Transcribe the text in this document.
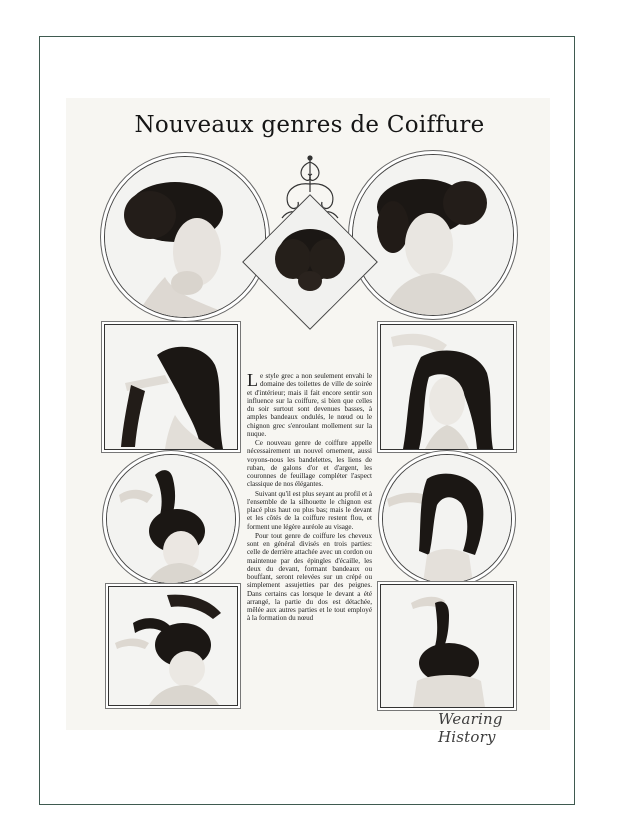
Nouveaux genres de Coiffure

Le style grec a non seulement envahi le domaine des toilettes de ville de soirée et d'intérieur; mais il fait encore sentir son influence sur la coiffure, si bien que celles du soir surtout sont devenues basses, à amples bandeaux ondulés, le nœud ou le chignon grec s'enroulant mollement sur la nuque.

Ce nouveau genre de coiffure appelle nécessairement un nouvel ornement, aussi voyons-nous les bandelettes, les liens de ruban, de galons d'or et d'argent, les couronnes de feuillage compléter l'aspect classique de nos élégantes.

Suivant qu'il est plus seyant au profil et à l'ensemble de la silhouette le chignon est placé plus haut ou plus bas; mais le devant et les côtés de la coiffure restent flou, et forment une légère auréole au visage.

Pour tout genre de coiffure les cheveux sont en général divisés en trois parties: celle de derrière attachée avec un cordon ou maintenue par des épingles d'écaille, les deux du devant, formant bandeaux ou bouffant, seront relevées sur un crépé ou simplement assujetties par des peignes. Dans certains cas lorsque le devant a été arrangé, la partie du dos est détachée, mêlée aux autres parties et le tout employé à la formation du nœud

Wearing History
